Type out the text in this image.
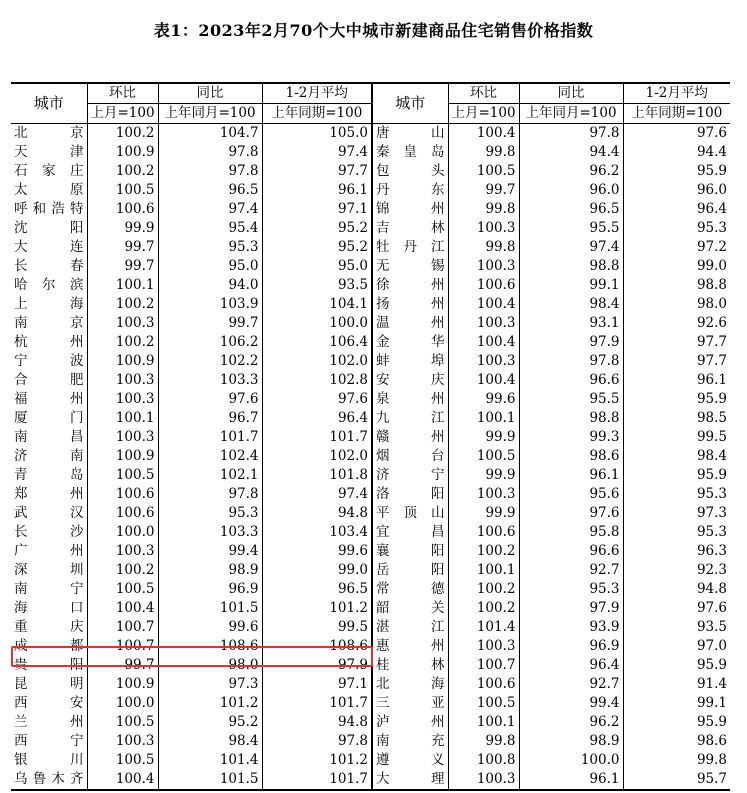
表1：2023年2月70个大中城市新建商品住宅销售价格指数
城市	环比	同比	1-2月平均	城市	环比	同比	1-2月平均
	上月=100	上年同月=100	上年同期=100		上月=100	上年同月=100	上年同期=100
北　　京	100.2	104.7	105.0	唐　　山	100.4	97.8	97.6
天　　津	100.9	97.8	97.4	秦皇岛	99.8	94.4	94.4
石家庄	100.2	97.8	97.7	包　　头	100.5	96.2	95.9
太　　原	100.5	96.5	96.1	丹　　东	99.7	96.0	96.0
呼和浩特	100.6	97.4	97.1	锦　　州	99.8	96.5	96.4
沈　　阳	99.9	95.4	95.2	吉　　林	100.3	95.5	95.3
大　　连	99.7	95.3	95.2	牡丹江	99.8	97.4	97.2
长　　春	99.7	95.0	95.0	无　　锡	100.3	98.8	99.0
哈尔滨	100.1	94.0	93.5	徐　　州	100.6	99.1	98.8
上　　海	100.2	103.9	104.1	扬　　州	100.4	98.4	98.0
南　　京	100.3	99.7	100.0	温　　州	100.3	93.1	92.6
杭　　州	100.2	106.2	106.4	金　　华	100.4	97.9	97.7
宁　　波	100.9	102.2	102.0	蚌　　埠	100.3	97.8	97.7
合　　肥	100.3	103.3	102.8	安　　庆	100.4	96.6	96.1
福　　州	100.3	97.6	97.6	泉　　州	99.6	95.5	95.9
厦　　门	100.1	96.7	96.4	九　　江	100.1	98.8	98.5
南　　昌	100.3	101.7	101.7	赣　　州	99.9	99.3	99.5
济　　南	100.9	102.4	102.0	烟　　台	100.5	98.6	98.4
青　　岛	100.5	102.1	101.8	济　　宁	99.9	96.1	95.9
郑　　州	100.6	97.8	97.4	洛　　阳	100.3	95.6	95.3
武　　汉	100.6	95.3	94.8	平顶山	99.9	97.6	97.3
长　　沙	100.0	103.3	103.4	宜　　昌	100.6	95.8	95.3
广　　州	100.3	99.4	99.6	襄　　阳	100.2	96.6	96.3
深　　圳	100.2	98.9	99.0	岳　　阳	100.1	92.7	92.3
南　　宁	100.5	96.9	96.5	常　　德	100.2	95.3	94.8
海　　口	100.4	101.5	101.2	韶　　关	100.2	97.9	97.6
重　　庆	100.7	99.6	99.5	湛　　江	101.4	93.9	93.5
成　　都	100.7	108.6	108.6	惠　　州	100.3	96.9	97.0
贵　　阳	99.7	98.0	97.9	桂　　林	100.7	96.4	95.9
昆　　明	100.9	97.3	97.1	北　　海	100.6	92.7	91.4
西　　安	100.0	101.2	101.7	三　　亚	100.5	99.4	99.1
兰　　州	100.5	95.2	94.8	泸　　州	100.1	96.2	95.9
西　　宁	100.3	98.4	97.8	南　　充	99.8	98.9	98.6
银　　川	100.5	101.4	101.2	遵　　义	100.8	100.0	99.8
乌鲁木齐	100.4	101.5	101.7	大　　理	100.3	96.1	95.7
